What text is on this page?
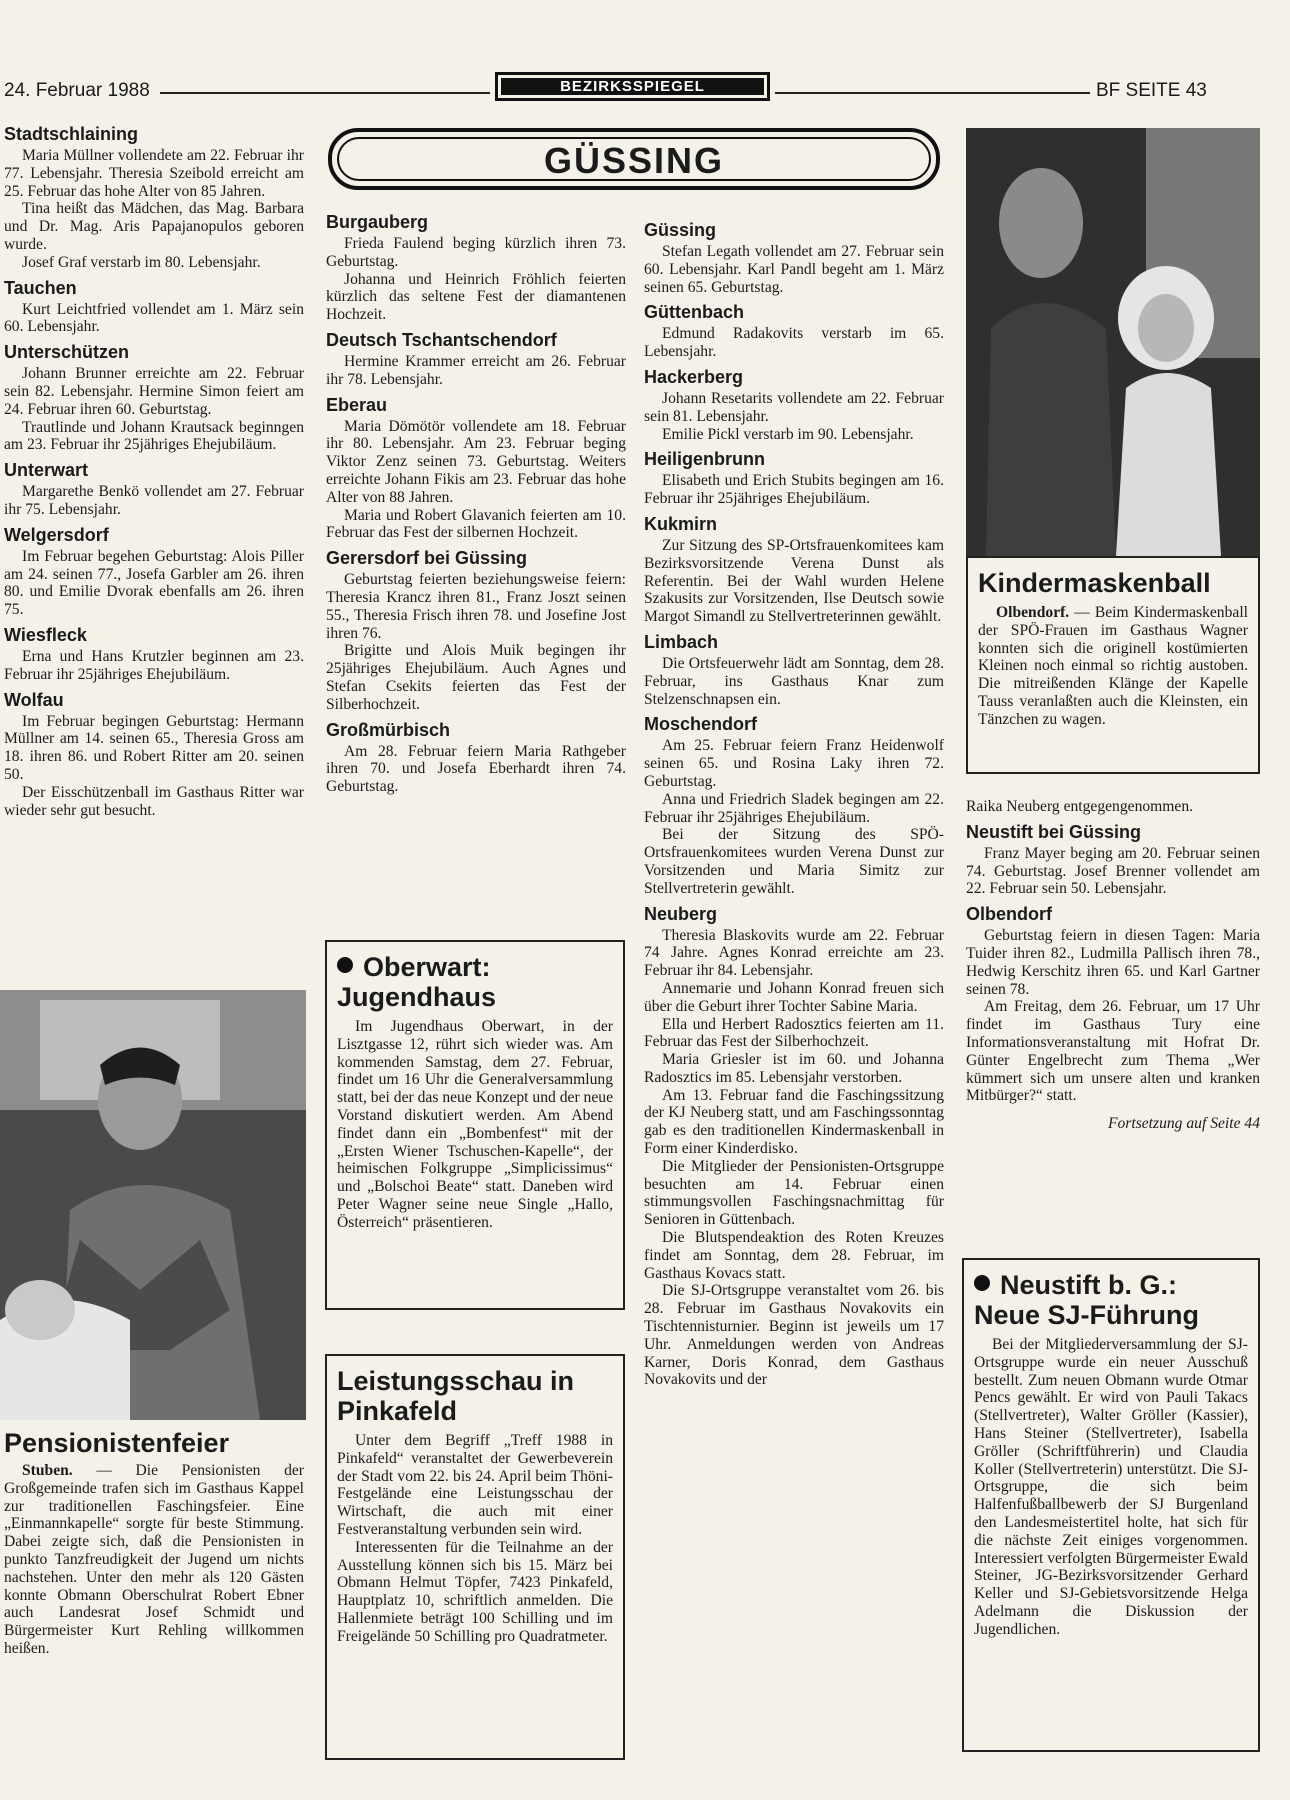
24. Februar 1988	BEZIRKSSPIEGEL	BF SEITE 43
GÜSSING
Stadtschlaining

Maria Müllner vollendete am 22. Februar ihr 77. Lebensjahr. Theresia Szeibold erreicht am 25. Februar das hohe Alter von 85 Jahren.

Tina heißt das Mädchen, das Mag. Barbara und Dr. Mag. Aris Papajanopulos geboren wurde.

Josef Graf verstarb im 80. Lebensjahr.

Tauchen

Kurt Leichtfried vollendet am 1. März sein 60. Lebensjahr.

Unterschützen

Johann Brunner erreichte am 22. Februar sein 82. Lebensjahr. Hermine Simon feiert am 24. Februar ihren 60. Geburtstag.

Trautlinde und Johann Krautsack beginngen am 23. Februar ihr 25jähriges Ehejubiläum.

Unterwart

Margarethe Benkö vollendet am 27. Februar ihr 75. Lebensjahr.

Welgersdorf

Im Februar begehen Geburtstag: Alois Piller am 24. seinen 77., Josefa Garbler am 26. ihren 80. und Emilie Dvorak ebenfalls am 26. ihren 75.

Wiesfleck

Erna und Hans Krutzler beginnen am 23. Februar ihr 25jähriges Ehejubiläum.

Wolfau

Im Februar begingen Geburtstag: Hermann Müllner am 14. seinen 65., Theresia Gross am 18. ihren 86. und Robert Ritter am 20. seinen 50.

Der Eisschützenball im Gasthaus Ritter war wieder sehr gut besucht.

Pensionistenfeier

Stuben. — Die Pensionisten der Großgemeinde trafen sich im Gasthaus Kappel zur traditionellen Faschingsfeier. Eine „Einmannkapelle“ sorgte für beste Stimmung. Dabei zeigte sich, daß die Pensionisten in punkto Tanzfreudigkeit der Jugend um nichts nachstehen. Unter den mehr als 120 Gästen konnte Obmann Oberschulrat Robert Ebner auch Landesrat Josef Schmidt und Bürgermeister Kurt Rehling willkommen heißen.

Burgauberg

Frieda Faulend beging kürzlich ihren 73. Geburtstag.

Johanna und Heinrich Fröhlich feierten kürzlich das seltene Fest der diamantenen Hochzeit.

Deutsch Tschantschendorf

Hermine Krammer erreicht am 26. Februar ihr 78. Lebensjahr.

Eberau

Maria Dömötör vollendete am 18. Februar ihr 80. Lebensjahr. Am 23. Februar beging Viktor Zenz seinen 73. Geburtstag. Weiters erreichte Johann Fikis am 23. Februar das hohe Alter von 88 Jahren.

Maria und Robert Glavanich feierten am 10. Februar das Fest der silbernen Hochzeit.

Gerersdorf bei Güssing

Geburtstag feierten beziehungsweise feiern: Theresia Krancz ihren 81., Franz Joszt seinen 55., Theresia Frisch ihren 78. und Josefine Jost ihren 76.

Brigitte und Alois Muik begingen ihr 25jähriges Ehejubiläum. Auch Agnes und Stefan Csekits feierten das Fest der Silberhochzeit.

Großmürbisch

Am 28. Februar feiern Maria Rathgeber ihren 70. und Josefa Eberhardt ihren 74. Geburtstag.

Oberwart: Jugendhaus

Im Jugendhaus Oberwart, in der Lisztgasse 12, rührt sich wieder was. Am kommenden Samstag, dem 27. Februar, findet um 16 Uhr die Generalversammlung statt, bei der das neue Konzept und der neue Vorstand diskutiert werden. Am Abend findet dann ein „Bombenfest“ mit der „Ersten Wiener Tschuschen-Kapelle“, der heimischen Folkgruppe „Simplicissimus“ und „Bolschoi Beate“ statt. Daneben wird Peter Wagner seine neue Single „Hallo, Österreich“ präsentieren.

Leistungsschau in Pinkafeld

Unter dem Begriff „Treff 1988 in Pinkafeld“ veranstaltet der Gewerbeverein der Stadt vom 22. bis 24. April beim Thöni-Festgelände eine Leistungsschau der Wirtschaft, die auch mit einer Festveranstaltung verbunden sein wird.

Interessenten für die Teilnahme an der Ausstellung können sich bis 15. März bei Obmann Helmut Töpfer, 7423 Pinkafeld, Hauptplatz 10, schriftlich anmelden. Die Hallenmiete beträgt 100 Schilling und im Freigelände 50 Schilling pro Quadratmeter.

Güssing

Stefan Legath vollendet am 27. Februar sein 60. Lebensjahr. Karl Pandl begeht am 1. März seinen 65. Geburtstag.

Güttenbach

Edmund Radakovits verstarb im 65. Lebensjahr.

Hackerberg

Johann Resetarits vollendete am 22. Februar sein 81. Lebensjahr.

Emilie Pickl verstarb im 90. Lebensjahr.

Heiligenbrunn

Elisabeth und Erich Stubits begingen am 16. Februar ihr 25jähriges Ehejubiläum.

Kukmirn

Zur Sitzung des SP-Ortsfrauenkomitees kam Bezirksvorsitzende Verena Dunst als Referentin. Bei der Wahl wurden Helene Szakusits zur Vorsitzenden, Ilse Deutsch sowie Margot Simandl zu Stellvertreterinnen gewählt.

Limbach

Die Ortsfeuerwehr lädt am Sonntag, dem 28. Februar, ins Gasthaus Knar zum Stelzenschnapsen ein.

Moschendorf

Am 25. Februar feiern Franz Heidenwolf seinen 65. und Rosina Laky ihren 72. Geburtstag.

Anna und Friedrich Sladek begingen am 22. Februar ihr 25jähriges Ehejubiläum.

Bei der Sitzung des SPÖ-Ortsfrauenkomitees wurden Verena Dunst zur Vorsitzenden und Maria Simitz zur Stellvertreterin gewählt.

Neuberg

Theresia Blaskovits wurde am 22. Februar 74 Jahre. Agnes Konrad erreichte am 23. Februar ihr 84. Lebensjahr.

Annemarie und Johann Konrad freuen sich über die Geburt ihrer Tochter Sabine Maria.

Ella und Herbert Radosztics feierten am 11. Februar das Fest der Silberhochzeit.

Maria Griesler ist im 60. und Johanna Radosztics im 85. Lebensjahr verstorben.

Am 13. Februar fand die Faschingssitzung der KJ Neuberg statt, und am Faschingssonntag gab es den traditionellen Kindermaskenball in Form einer Kinderdisko.

Die Mitglieder der Pensionisten-Ortsgruppe besuchten am 14. Februar einen stimmungsvollen Faschingsnachmittag für Senioren in Güttenbach.

Die Blutspendeaktion des Roten Kreuzes findet am Sonntag, dem 28. Februar, im Gasthaus Kovacs statt.

Die SJ-Ortsgruppe veranstaltet vom 26. bis 28. Februar im Gasthaus Novakovits ein Tischtennisturnier. Beginn ist jeweils um 17 Uhr. Anmeldungen werden von Andreas Karner, Doris Konrad, dem Gasthaus Novakovits und der

Kindermaskenball

Olbendorf. — Beim Kindermaskenball der SPÖ-Frauen im Gasthaus Wagner konnten sich die originell kostümierten Kleinen noch einmal so richtig austoben. Die mitreißenden Klänge der Kapelle Tauss veranlaßten auch die Kleinsten, ein Tänzchen zu wagen.

Raika Neuberg entgegengenommen.

Neustift bei Güssing

Franz Mayer beging am 20. Februar seinen 74. Geburtstag. Josef Brenner vollendet am 22. Februar sein 50. Lebensjahr.

Olbendorf

Geburtstag feiern in diesen Tagen: Maria Tuider ihren 82., Ludmilla Pallisch ihren 78., Hedwig Kerschitz ihren 65. und Karl Gartner seinen 78.

Am Freitag, dem 26. Februar, um 17 Uhr findet im Gasthaus Tury eine Informationsveranstaltung mit Hofrat Dr. Günter Engelbrecht zum Thema „Wer kümmert sich um unsere alten und kranken Mitbürger?“ statt.

Fortsetzung auf Seite 44

Neustift b. G.: Neue SJ-Führung

Bei der Mitgliederversammlung der SJ-Ortsgruppe wurde ein neuer Ausschuß bestellt. Zum neuen Obmann wurde Otmar Pencs gewählt. Er wird von Pauli Takacs (Stellvertreter), Walter Gröller (Kassier), Hans Steiner (Stellvertreter), Isabella Gröller (Schriftführerin) und Claudia Koller (Stellvertreterin) unterstützt. Die SJ-Ortsgruppe, die sich beim Halfenfußballbewerb der SJ Burgenland den Landesmeistertitel holte, hat sich für die nächste Zeit einiges vorgenommen. Interessiert verfolgten Bürgermeister Ewald Steiner, JG-Bezirksvorsitzender Gerhard Keller und SJ-Gebietsvorsitzende Helga Adelmann die Diskussion der Jugendlichen.
